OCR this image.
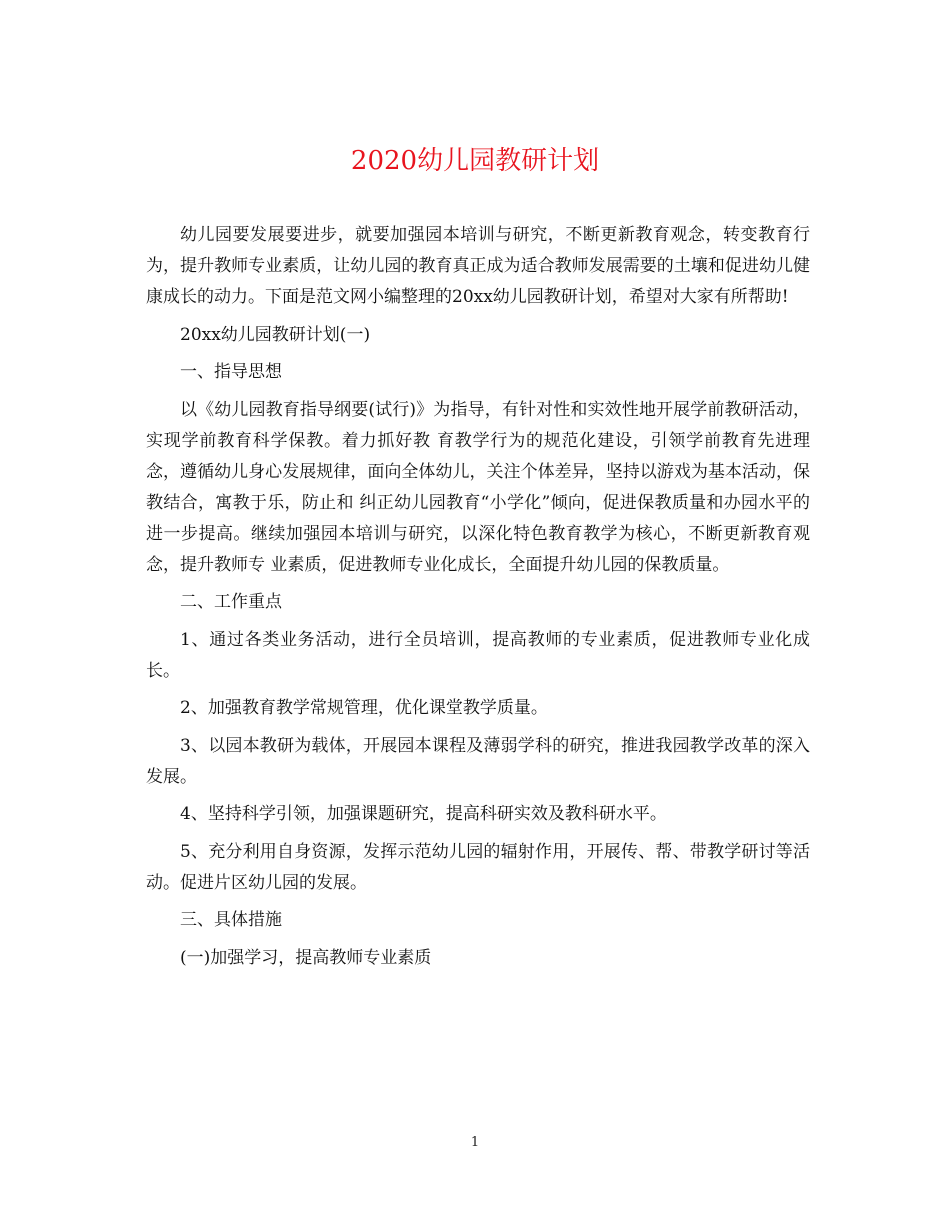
2020幼儿园教研计划

幼儿园要发展要进步，就要加强园本培训与研究，不断更新教育观念，转变教育行为，提升教师专业素质，让幼儿园的教育真正成为适合教师发展需要的土壤和促进幼儿健康成长的动力。下面是范文网小编整理的20xx幼儿园教研计划，希望对大家有所帮助!

20xx幼儿园教研计划(一)

一、指导思想

以《幼儿园教育指导纲要(试行)》为指导，有针对性和实效性地开展学前教研活动，实现学前教育科学保教。着力抓好教 育教学行为的规范化建设，引领学前教育先进理念，遵循幼儿身心发展规律，面向全体幼儿，关注个体差异，坚持以游戏为基本活动，保教结合，寓教于乐，防止和 纠正幼儿园教育“小学化”倾向，促进保教质量和办园水平的进一步提高。继续加强园本培训与研究，以深化特色教育教学为核心，不断更新教育观念，提升教师专 业素质，促进教师专业化成长，全面提升幼儿园的保教质量。

二、工作重点

1、通过各类业务活动，进行全员培训，提高教师的专业素质，促进教师专业化成长。

2、加强教育教学常规管理，优化课堂教学质量。

3、以园本教研为载体，开展园本课程及薄弱学科的研究，推进我园教学改革的深入发展。

4、坚持科学引领，加强课题研究，提高科研实效及教科研水平。

5、充分利用自身资源，发挥示范幼儿园的辐射作用，开展传、帮、带教学研讨等活动。促进片区幼儿园的发展。

三、具体措施

(一)加强学习，提高教师专业素质

1
